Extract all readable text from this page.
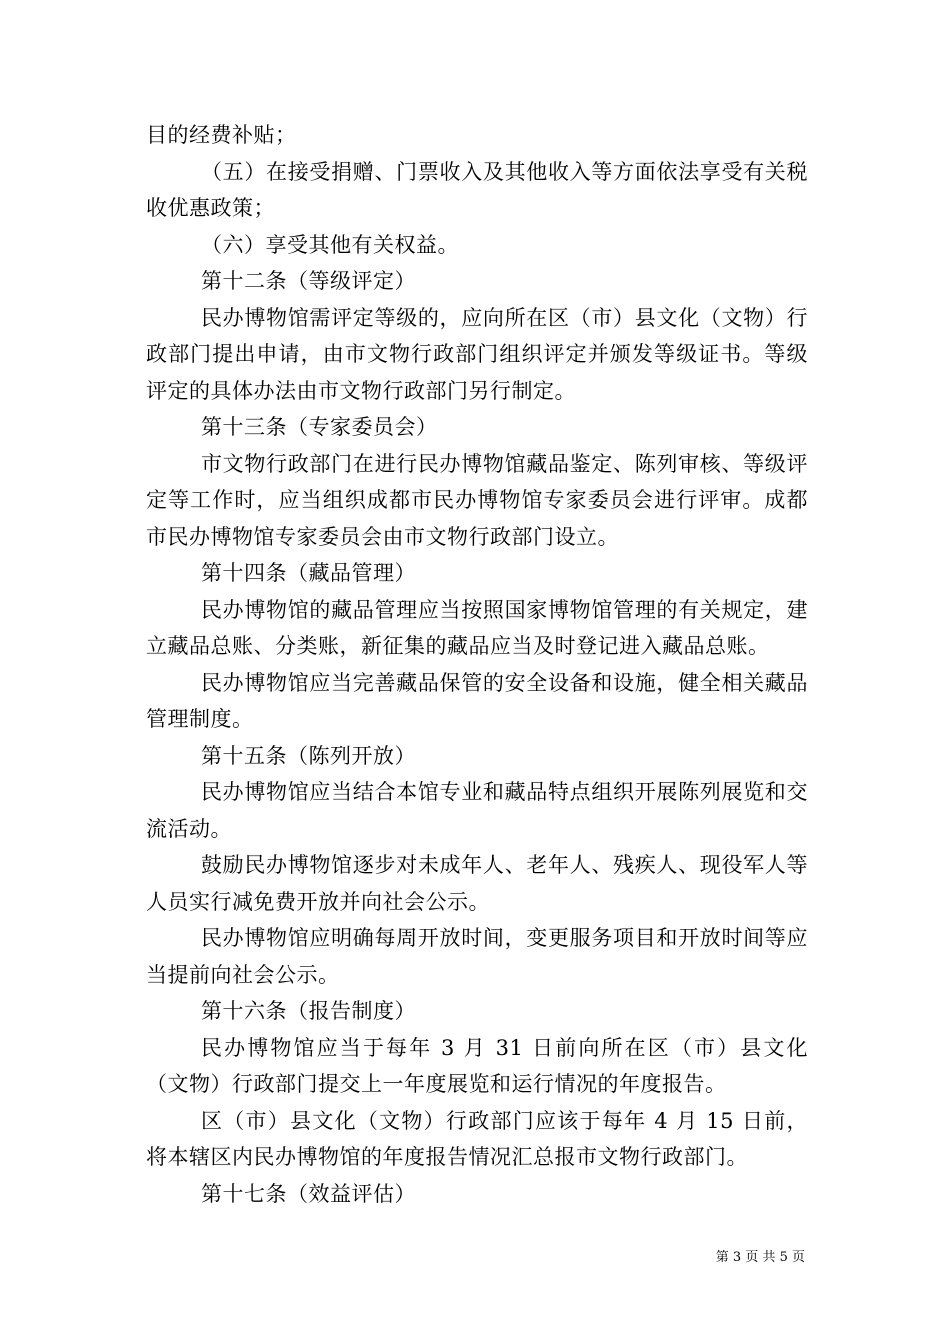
目的经费补贴；

（五）在接受捐赠、门票收入及其他收入等方面依法享受有关税收优惠政策；

（六）享受其他有关权益。

第十二条（等级评定）

民办博物馆需评定等级的，应向所在区（市）县文化（文物）行政部门提出申请，由市文物行政部门组织评定并颁发等级证书。等级评定的具体办法由市文物行政部门另行制定。

第十三条（专家委员会）

市文物行政部门在进行民办博物馆藏品鉴定、陈列审核、等级评定等工作时，应当组织成都市民办博物馆专家委员会进行评审。成都市民办博物馆专家委员会由市文物行政部门设立。

第十四条（藏品管理）

民办博物馆的藏品管理应当按照国家博物馆管理的有关规定，建立藏品总账、分类账，新征集的藏品应当及时登记进入藏品总账。

民办博物馆应当完善藏品保管的安全设备和设施，健全相关藏品管理制度。

第十五条（陈列开放）

民办博物馆应当结合本馆专业和藏品特点组织开展陈列展览和交流活动。

鼓励民办博物馆逐步对未成年人、老年人、残疾人、现役军人等人员实行减免费开放并向社会公示。

民办博物馆应明确每周开放时间，变更服务项目和开放时间等应当提前向社会公示。

第十六条（报告制度）

民办博物馆应当于每年 3 月 31 日前向所在区（市）县文化（文物）行政部门提交上一年度展览和运行情况的年度报告。

区（市）县文化（文物）行政部门应该于每年 4 月 15 日前，将本辖区内民办博物馆的年度报告情况汇总报市文物行政部门。

第十七条（效益评估）

第 3 页 共 5 页
